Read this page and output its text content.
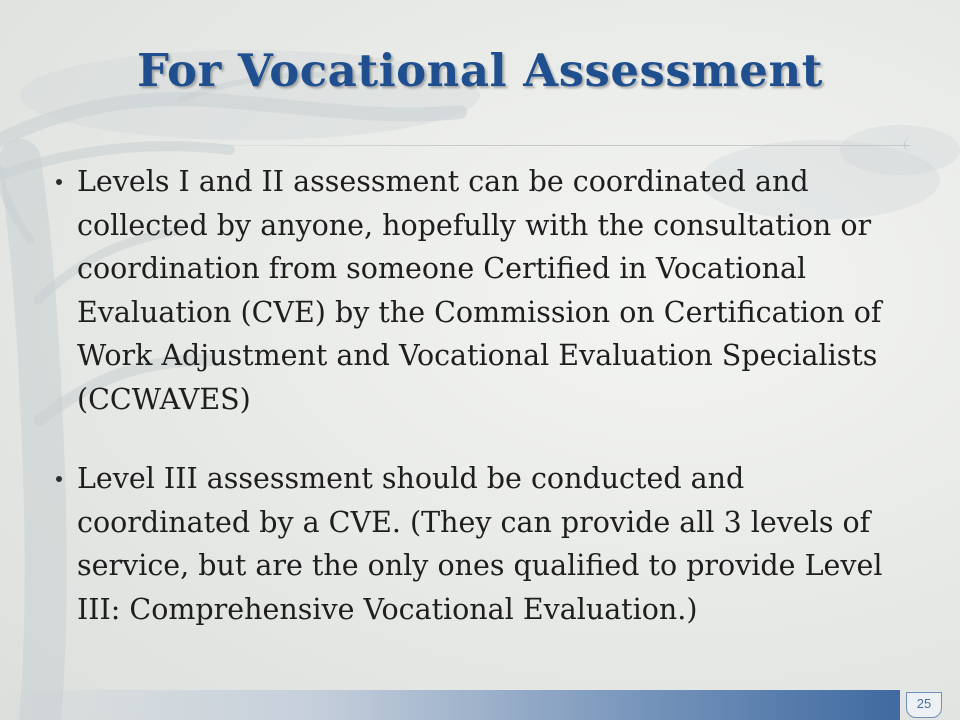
For Vocational Assessment
Levels I and II assessment can be coordinated and collected by anyone, hopefully with the consultation or coordination from someone Certified in Vocational Evaluation (CVE) by the Commission on Certification of Work Adjustment and Vocational Evaluation Specialists (CCWAVES)
Level III assessment should be conducted and coordinated by a CVE. (They can provide all 3 levels of service, but are the only ones qualified to provide Level III: Comprehensive Vocational Evaluation.)
25
